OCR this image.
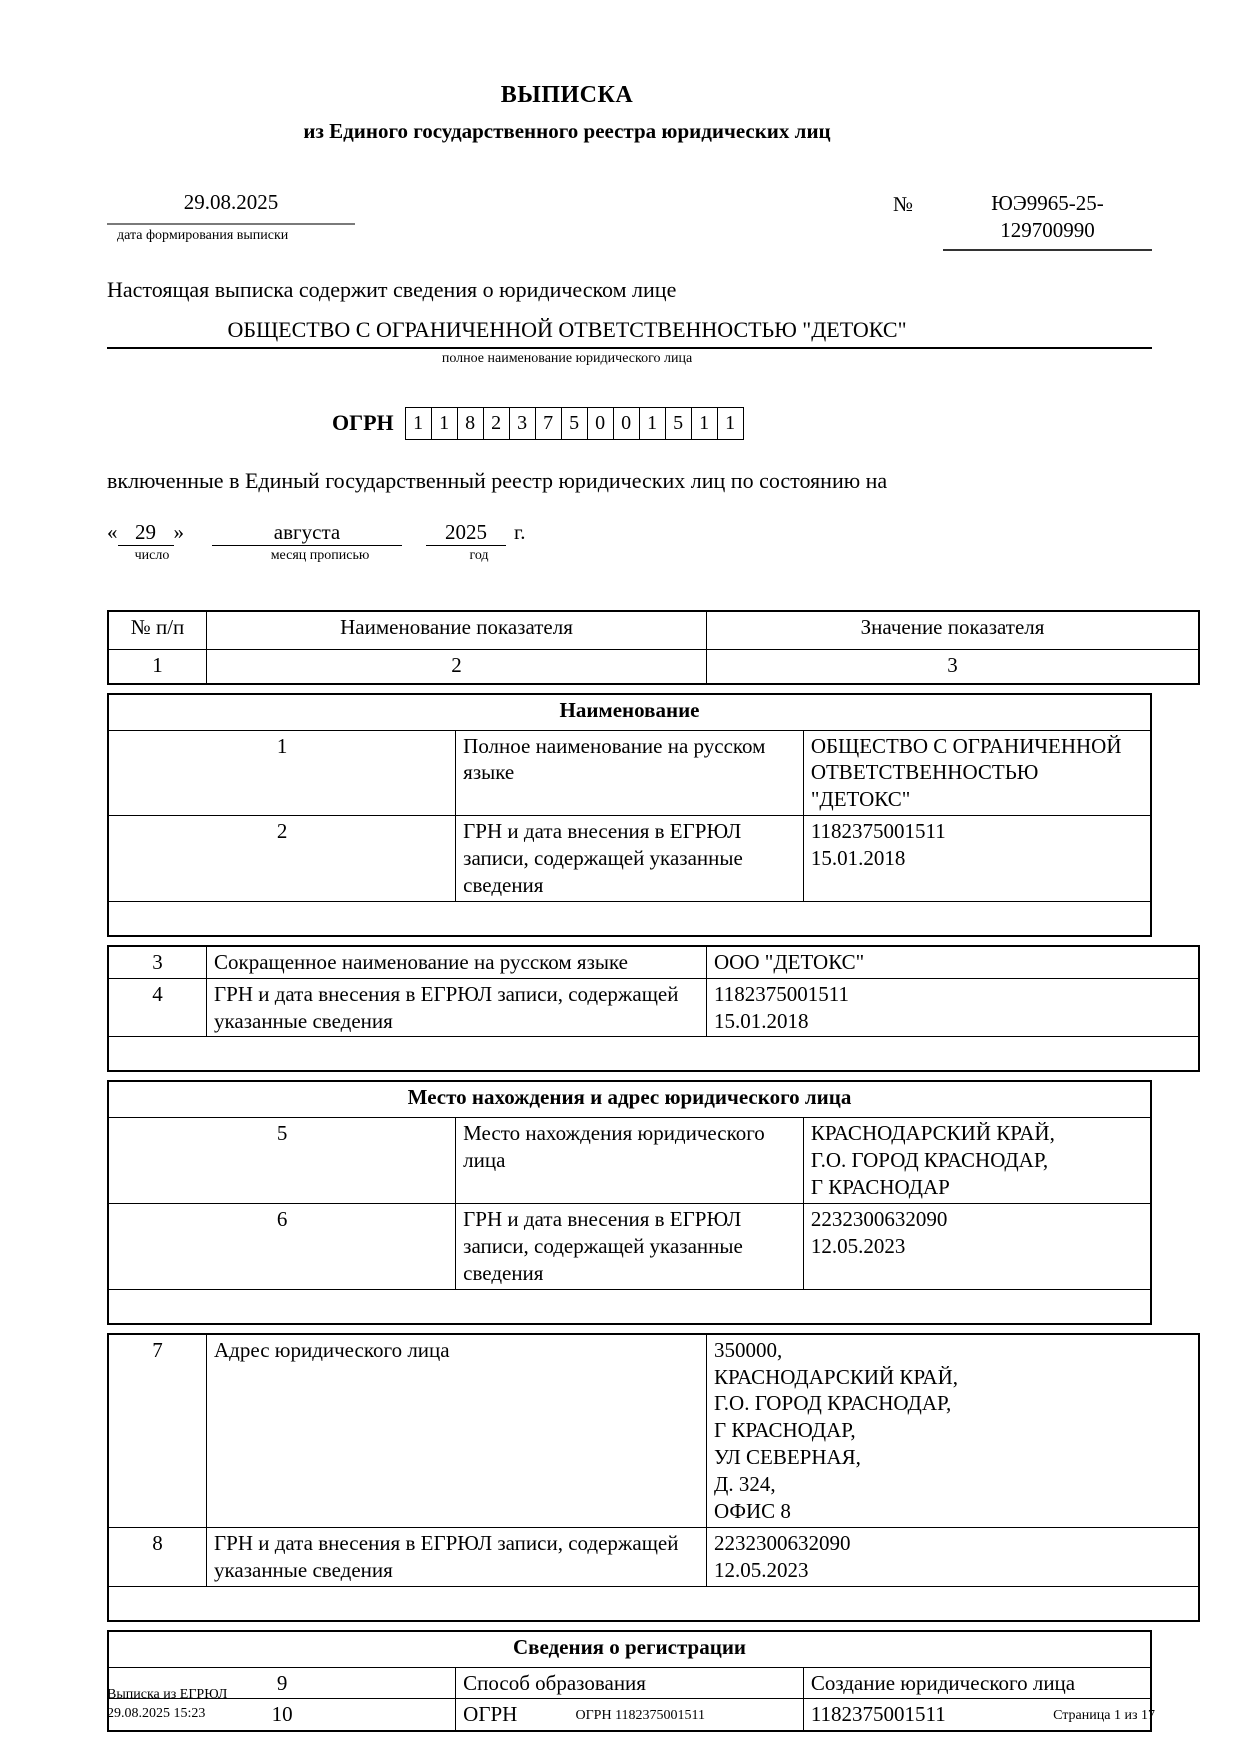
ВЫПИСКА
из Единого государственного реестра юридических лиц
29.08.2025
дата формирования выписки
№	ЮЭ9965-25-
129700990
Настоящая выписка содержит сведения о юридическом лице
ОБЩЕСТВО С ОГРАНИЧЕННОЙ ОТВЕТСТВЕННОСТЬЮ "ДЕТОКС"
полное наименование юридического лица
ОГРН 1 1 8 2 3 7 5 0 0 1 5 1 1
включенные в Единый государственный реестр юридических лиц по состоянию на
« 29 »	августа	2025 г.
число	месяц прописью	год
№ п/п	Наименование показателя	Значение показателя
1	2	3
Наименование		
1	Полное наименование на русском языке	ОБЩЕСТВО С ОГРАНИЧЕННОЙ
ОТВЕТСТВЕННОСТЬЮ "ДЕТОКС"
2	ГРН и дата внесения в ЕГРЮЛ записи, содержащей указанные сведения	1182375001511
15.01.2018

3	Сокращенное наименование на русском языке	ООО "ДЕТОКС"
4	ГРН и дата внесения в ЕГРЮЛ записи, содержащей указанные сведения	1182375001511
15.01.2018

Место нахождения и адрес юридического лица		
5	Место нахождения юридического лица	КРАСНОДАРСКИЙ КРАЙ,
Г.О. ГОРОД КРАСНОДАР,
Г КРАСНОДАР
6	ГРН и дата внесения в ЕГРЮЛ записи, содержащей указанные сведения	2232300632090
12.05.2023

7	Адрес юридического лица	350000,
КРАСНОДАРСКИЙ КРАЙ,
Г.О. ГОРОД КРАСНОДАР,
Г КРАСНОДАР,
УЛ СЕВЕРНАЯ,
Д. 324,
ОФИС 8
8	ГРН и дата внесения в ЕГРЮЛ записи, содержащей указанные сведения	2232300632090
12.05.2023

Сведения о регистрации		
9	Способ образования	Создание юридического лица
10	ОГРН	1182375001511
Выписка из ЕГРЮЛ
29.08.2025 15:23	ОГРН 1182375001511	Страница 1 из 17
